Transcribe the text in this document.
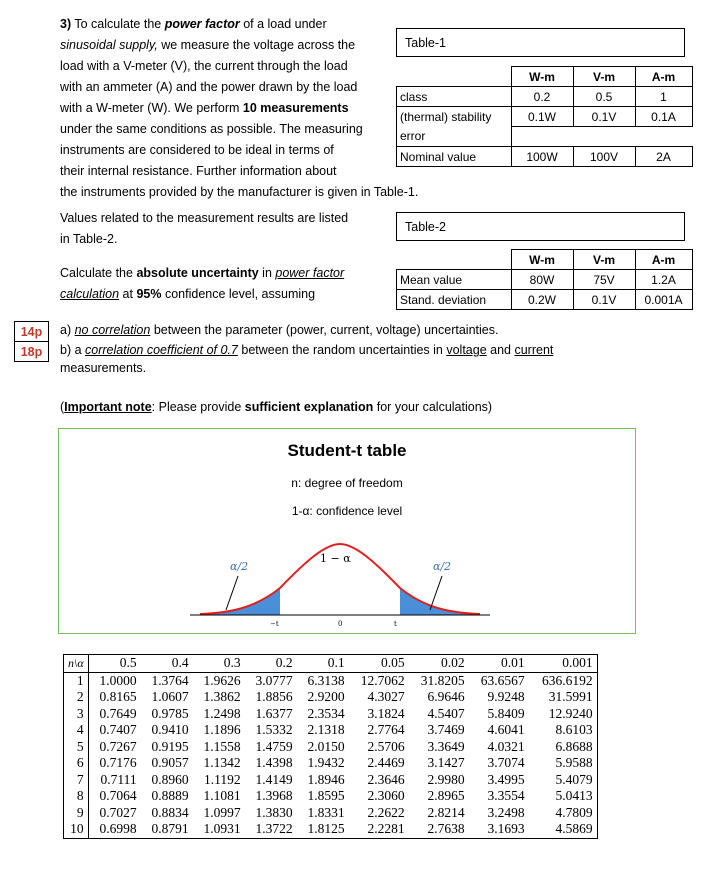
3) To calculate the power factor of a load under
sinusoidal supply, we measure the voltage across the
load with a V-meter (V), the current through the load
with an ammeter (A) and the power drawn by the load
with a W-meter (W). We perform 10 measurements
under the same conditions as possible. The measuring
instruments are considered to be ideal in terms of
their internal resistance. Further information about
the instruments provided by the manufacturer is given in Table-1.
Table-1
	W-m	V-m	A-m
class	0.2	0.5	1
(thermal) stability	0.1W	0.1V	0.1A
error			
Nominal value	100W	100V	2A
Values related to the measurement results are listed
in Table-2.
Calculate the absolute uncertainty in power factor
calculation at 95% confidence level, assuming
Table-2
	W-m	V-m	A-m
Mean value	80W	75V	1.2A
Stand. deviation	0.2W	0.1V	0.001A
14p
18p
a) no correlation between the parameter (power, current, voltage) uncertainties.
b) a correlation coefficient of 0.7 between the random uncertainties in voltage and current
measurements.
(Important note: Please provide sufficient explanation for your calculations)
Student-t table
n: degree of freedom
1-α: confidence level
α/2	α/2
1 − α
−t	0	t
n\α	0.5	0.4	0.3	0.2	0.1	0.05	0.02	0.01	0.001
1	1.0000	1.3764	1.9626	3.0777	6.3138	12.7062	31.8205	63.6567	636.6192
2	0.8165	1.0607	1.3862	1.8856	2.9200	4.3027	6.9646	9.9248	31.5991
3	0.7649	0.9785	1.2498	1.6377	2.3534	3.1824	4.5407	5.8409	12.9240
4	0.7407	0.9410	1.1896	1.5332	2.1318	2.7764	3.7469	4.6041	8.6103
5	0.7267	0.9195	1.1558	1.4759	2.0150	2.5706	3.3649	4.0321	6.8688
6	0.7176	0.9057	1.1342	1.4398	1.9432	2.4469	3.1427	3.7074	5.9588
7	0.7111	0.8960	1.1192	1.4149	1.8946	2.3646	2.9980	3.4995	5.4079
8	0.7064	0.8889	1.1081	1.3968	1.8595	2.3060	2.8965	3.3554	5.0413
9	0.7027	0.8834	1.0997	1.3830	1.8331	2.2622	2.8214	3.2498	4.7809
10	0.6998	0.8791	1.0931	1.3722	1.8125	2.2281	2.7638	3.1693	4.5869
